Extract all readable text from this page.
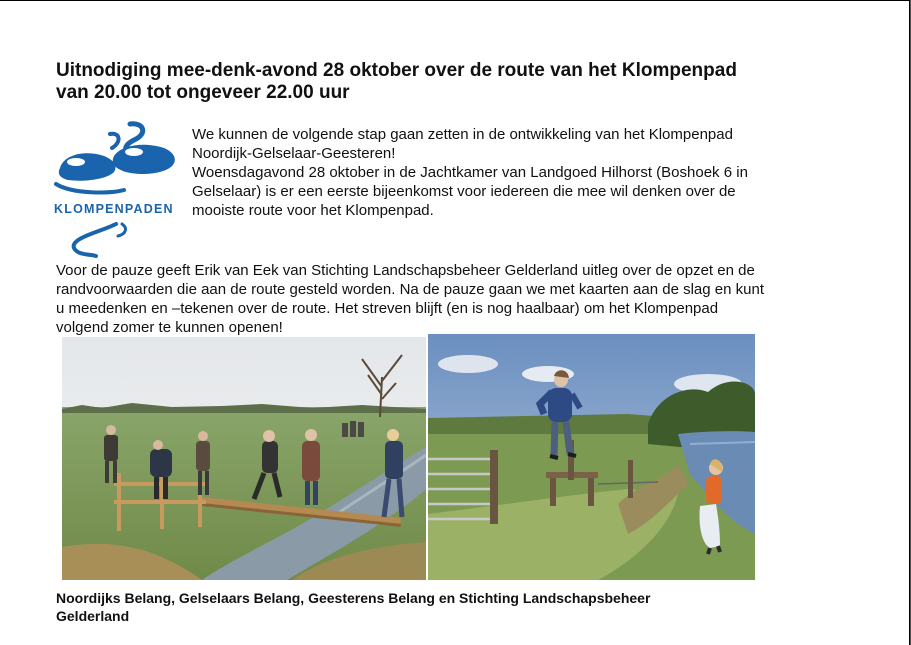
Uitnodiging mee-denk-avond 28 oktober over de route van het Klompenpad
van 20.00 tot ongeveer 22.00 uur
KLOMPENPADEN

We kunnen de volgende stap gaan zetten in de ontwikkeling van het Klompenpad

Noordijk-Gelselaar-Geesteren!

Woensdagavond 28 oktober in de Jachtkamer van Landgoed Hilhorst (Boshoek 6 in

Gelselaar) is er een eerste bijeenkomst voor iedereen die mee wil denken over de

mooiste route voor het Klompenpad.

Voor de pauze geeft Erik van Eek van Stichting Landschapsbeheer Gelderland uitleg over de opzet en de

randvoorwaarden die aan de route gesteld worden. Na de pauze gaan we met kaarten aan de slag en kunt

u meedenken en –tekenen over de route. Het streven blijft (en is nog haalbaar) om het Klompenpad

volgend zomer te kunnen openen!

Noordijks Belang, Gelselaars Belang, Geesterens Belang en Stichting Landschapsbeheer
Gelderland
